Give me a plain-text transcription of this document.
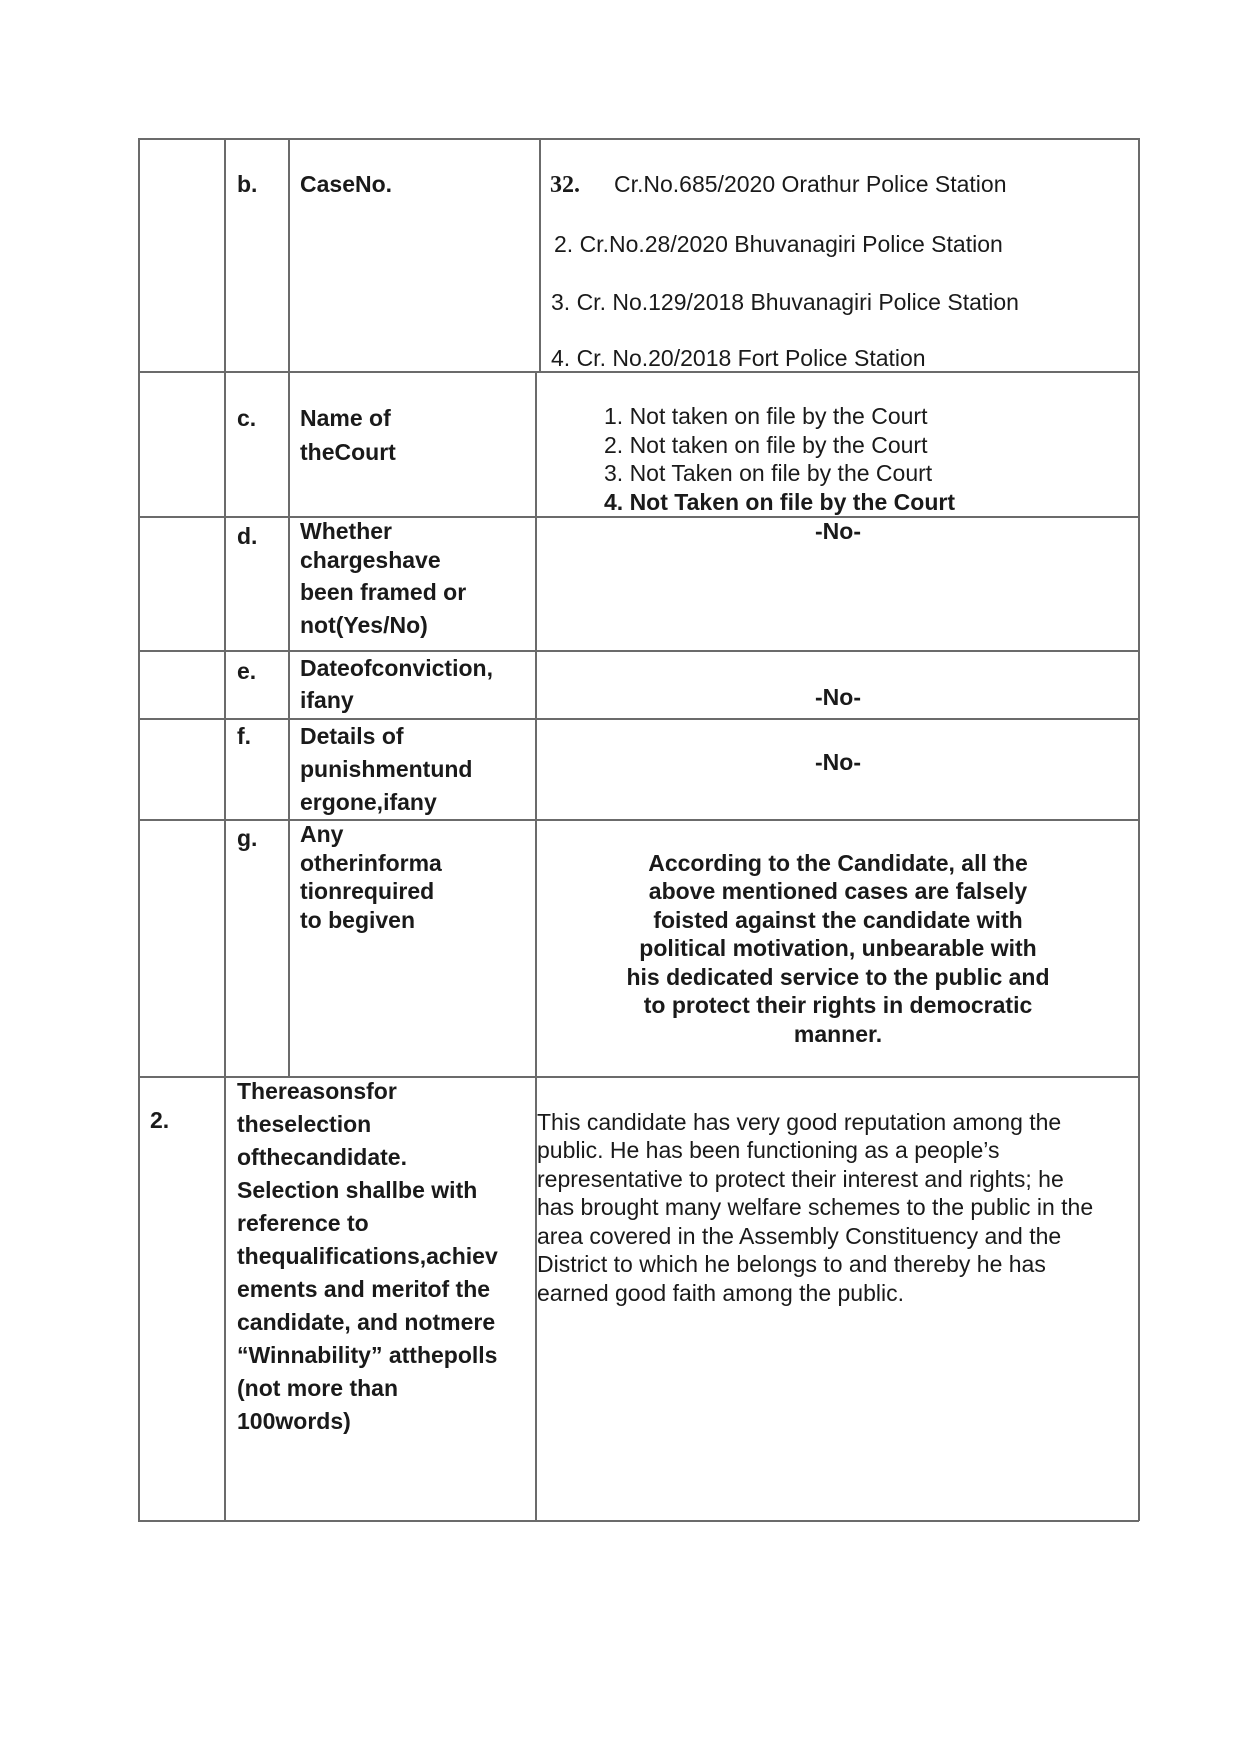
b. CaseNo.	32. Cr.No.685/2020 Orathur Police Station
2. Cr.No.28/2020 Bhuvanagiri Police Station
3. Cr. No.129/2018 Bhuvanagiri Police Station
4. Cr. No.20/2018 Fort Police Station
c. Name of
theCourt
1. Not taken on file by the Court
2. Not taken on file by the Court
3. Not Taken on file by the Court
4. Not Taken on file by the Court
d. Whether
chargeshave
been framed or
not(Yes/No)
-No-
e. Dateofconviction,
ifany	-No-
f. Details of
punishmentund
ergone,ifany
-No-
g. Any
otherinforma
tionrequired
to begiven
According to the Candidate, all the
above mentioned cases are falsely
foisted against the candidate with
political motivation, unbearable with
his dedicated service to the public and
to protect their rights in democratic
manner.
2.
Thereasonsfor
theselection
ofthecandidate.
Selection shallbe with
reference to
thequalifications,achiev
ements and meritof the
candidate, and notmere
“Winnability” atthepolls
(not more than
100words)
This candidate has very good reputation among the
public. He has been functioning as a people’s
representative to protect their interest and rights; he
has brought many welfare schemes to the public in the
area covered in the Assembly Constituency and the
District to which he belongs to and thereby he has
earned good faith among the public.
